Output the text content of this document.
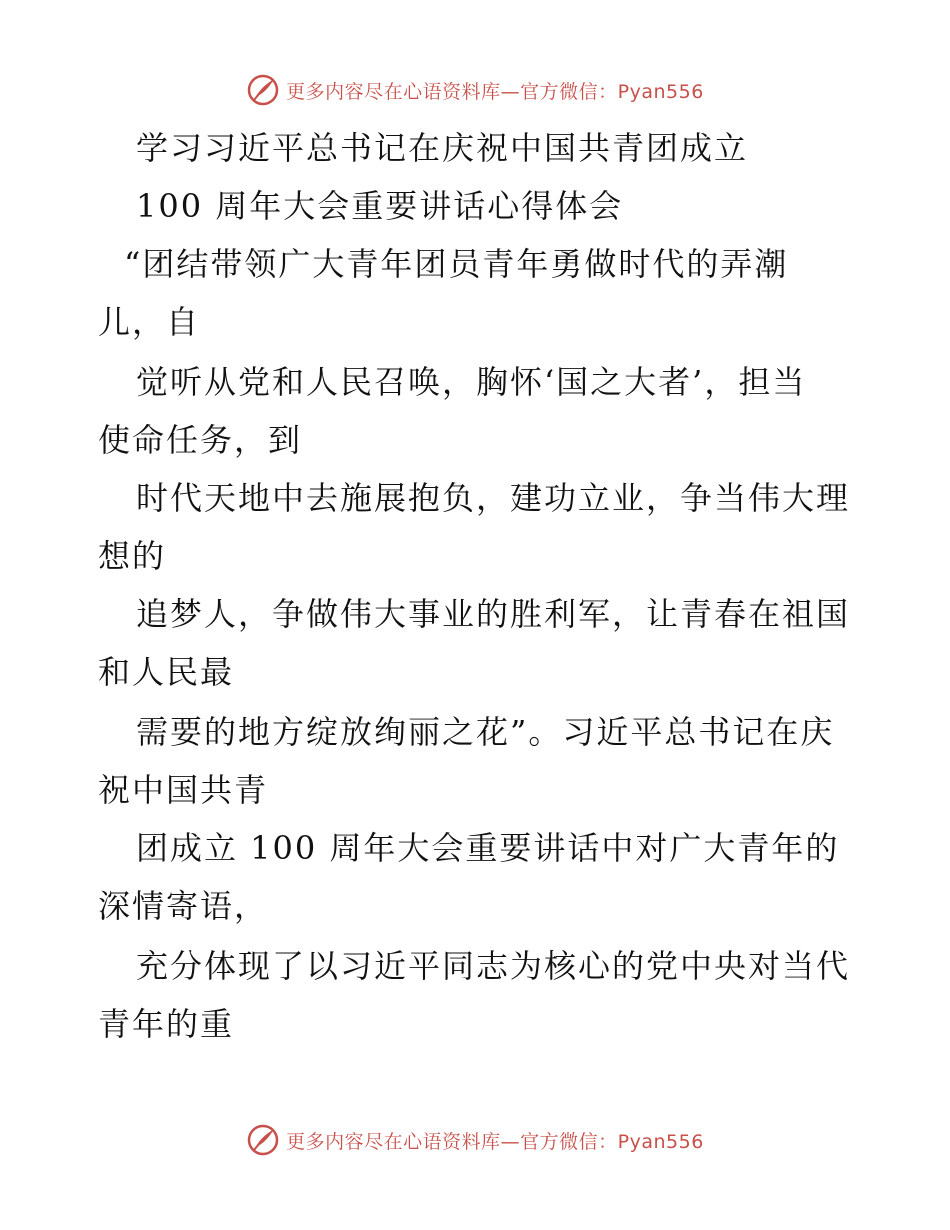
更多内容尽在心语资料库—官方微信：Pyan556
学习习近平总书记在庆祝中国共青团成立
100 周年大会重要讲话心得体会
“团结带领广大青年团员青年勇做时代的弄潮
儿，自
觉听从党和人民召唤，胸怀‘国之大者’，担当
使命任务，到
时代天地中去施展抱负，建功立业，争当伟大理
想的
追梦人，争做伟大事业的胜利军，让青春在祖国
和人民最
需要的地方绽放绚丽之花”。习近平总书记在庆
祝中国共青
团成立 100 周年大会重要讲话中对广大青年的
深情寄语，
充分体现了以习近平同志为核心的党中央对当代
青年的重
更多内容尽在心语资料库—官方微信：Pyan556
